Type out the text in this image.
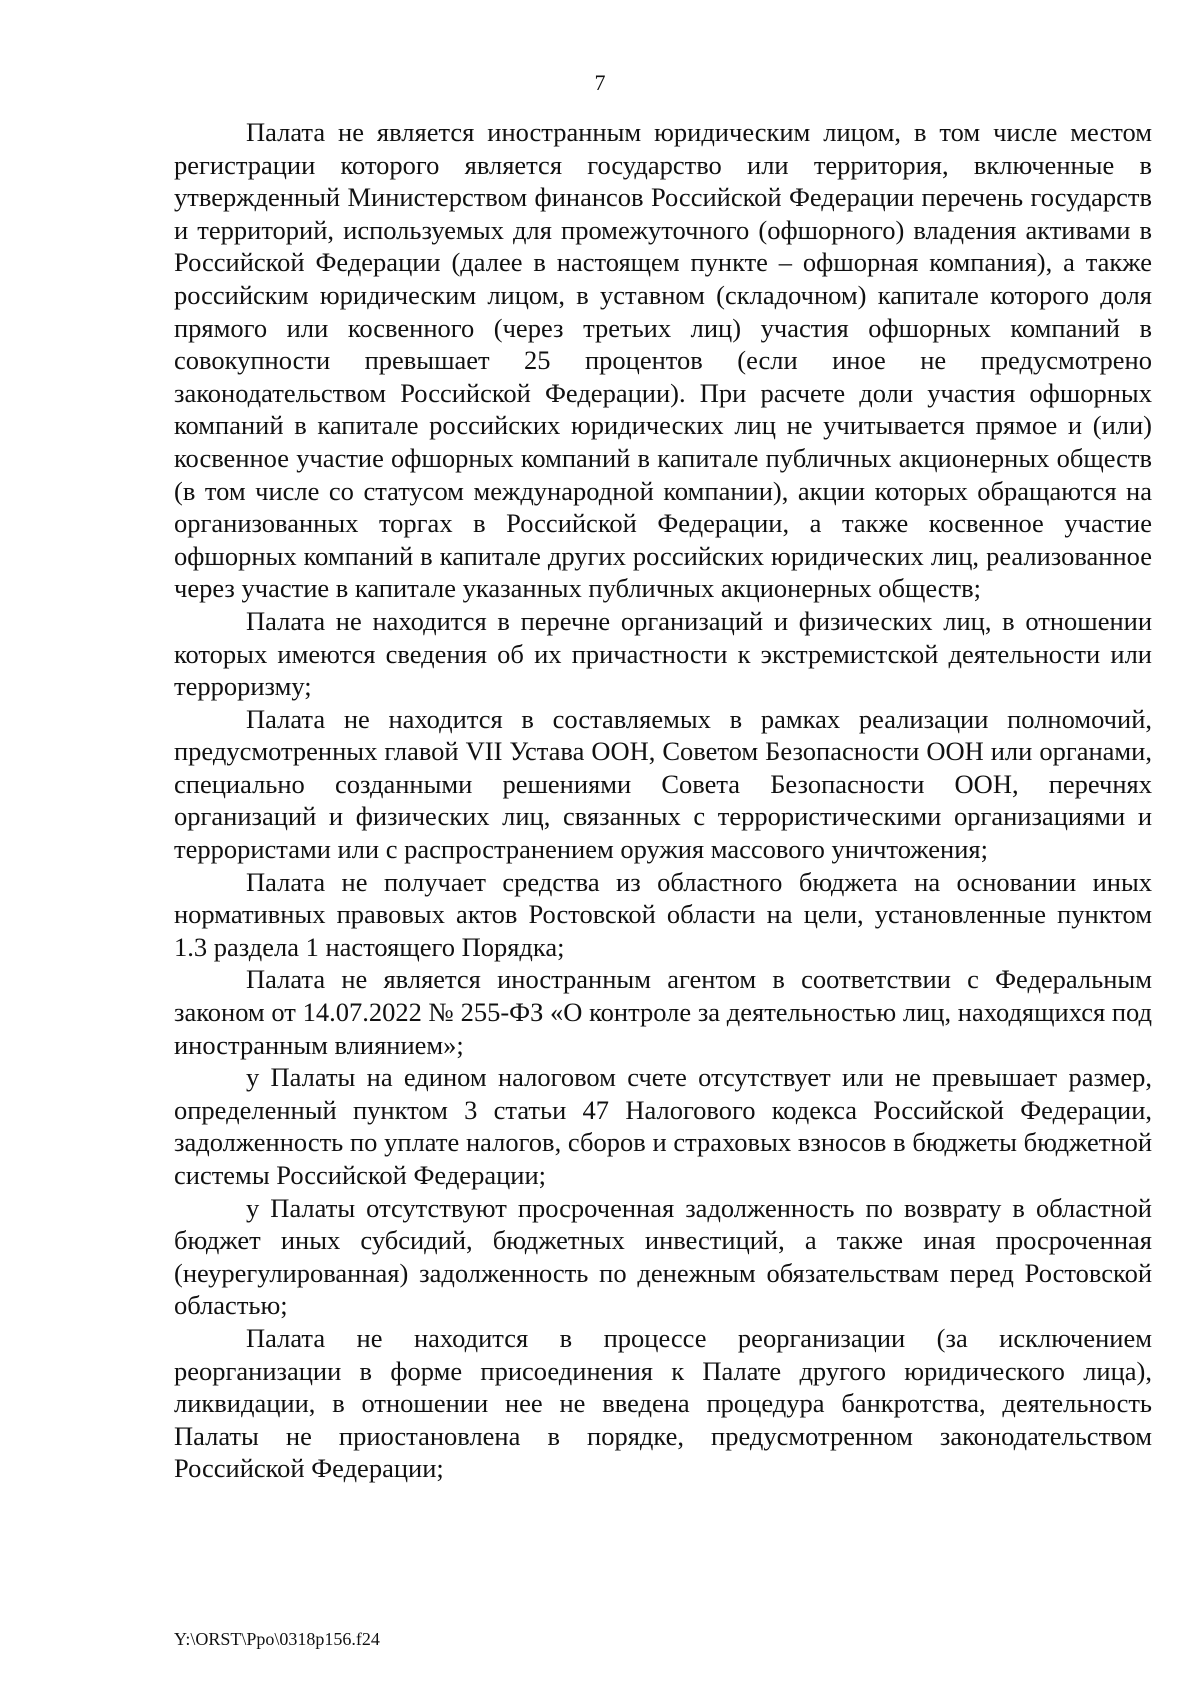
7

Палата не является иностранным юридическим лицом, в том числе местом регистрации которого является государство или территория, включенные в утвержденный Министерством финансов Российской Федерации перечень государств и территорий, используемых для промежуточного (офшорного) владения активами в Российской Федерации (далее в настоящем пункте – офшорная компания), а также российским юридическим лицом, в уставном (складочном) капитале которого доля прямого или косвенного (через третьих лиц) участия офшорных компаний в совокупности превышает 25 процентов (если иное не предусмотрено законодательством Российской Федерации). При расчете доли участия офшорных компаний в капитале российских юридических лиц не учитывается прямое и (или) косвенное участие офшорных компаний в капитале публичных акционерных обществ (в том числе со статусом международной компании), акции которых обращаются на организованных торгах в Российской Федерации, а также косвенное участие офшорных компаний в капитале других российских юридических лиц, реализованное через участие в капитале указанных публичных акционерных обществ;

Палата не находится в перечне организаций и физических лиц, в отношении которых имеются сведения об их причастности к экстремистской деятельности или терроризму;

Палата не находится в составляемых в рамках реализации полномочий, предусмотренных главой VII Устава ООН, Советом Безопасности ООН или органами, специально созданными решениями Совета Безопасности ООН, перечнях организаций и физических лиц, связанных с террористическими организациями и террористами или с распространением оружия массового уничтожения;

Палата не получает средства из областного бюджета на основании иных нормативных правовых актов Ростовской области на цели, установленные пунктом 1.3 раздела 1 настоящего Порядка;

Палата не является иностранным агентом в соответствии с Федеральным законом от 14.07.2022 № 255-ФЗ «О контроле за деятельностью лиц, находящихся под иностранным влиянием»;

у Палаты на едином налоговом счете отсутствует или не превышает размер, определенный пунктом 3 статьи 47 Налогового кодекса Российской Федерации, задолженность по уплате налогов, сборов и страховых взносов в бюджеты бюджетной системы Российской Федерации;

у Палаты отсутствуют просроченная задолженность по возврату в областной бюджет иных субсидий, бюджетных инвестиций, а также иная просроченная (неурегулированная) задолженность по денежным обязательствам перед Ростовской областью;

Палата не находится в процессе реорганизации (за исключением реорганизации в форме присоединения к Палате другого юридического лица), ликвидации, в отношении нее не введена процедура банкротства, деятельность Палаты не приостановлена в порядке, предусмотренном законодательством Российской Федерации;

Y:\ORST\Ppo\0318p156.f24
